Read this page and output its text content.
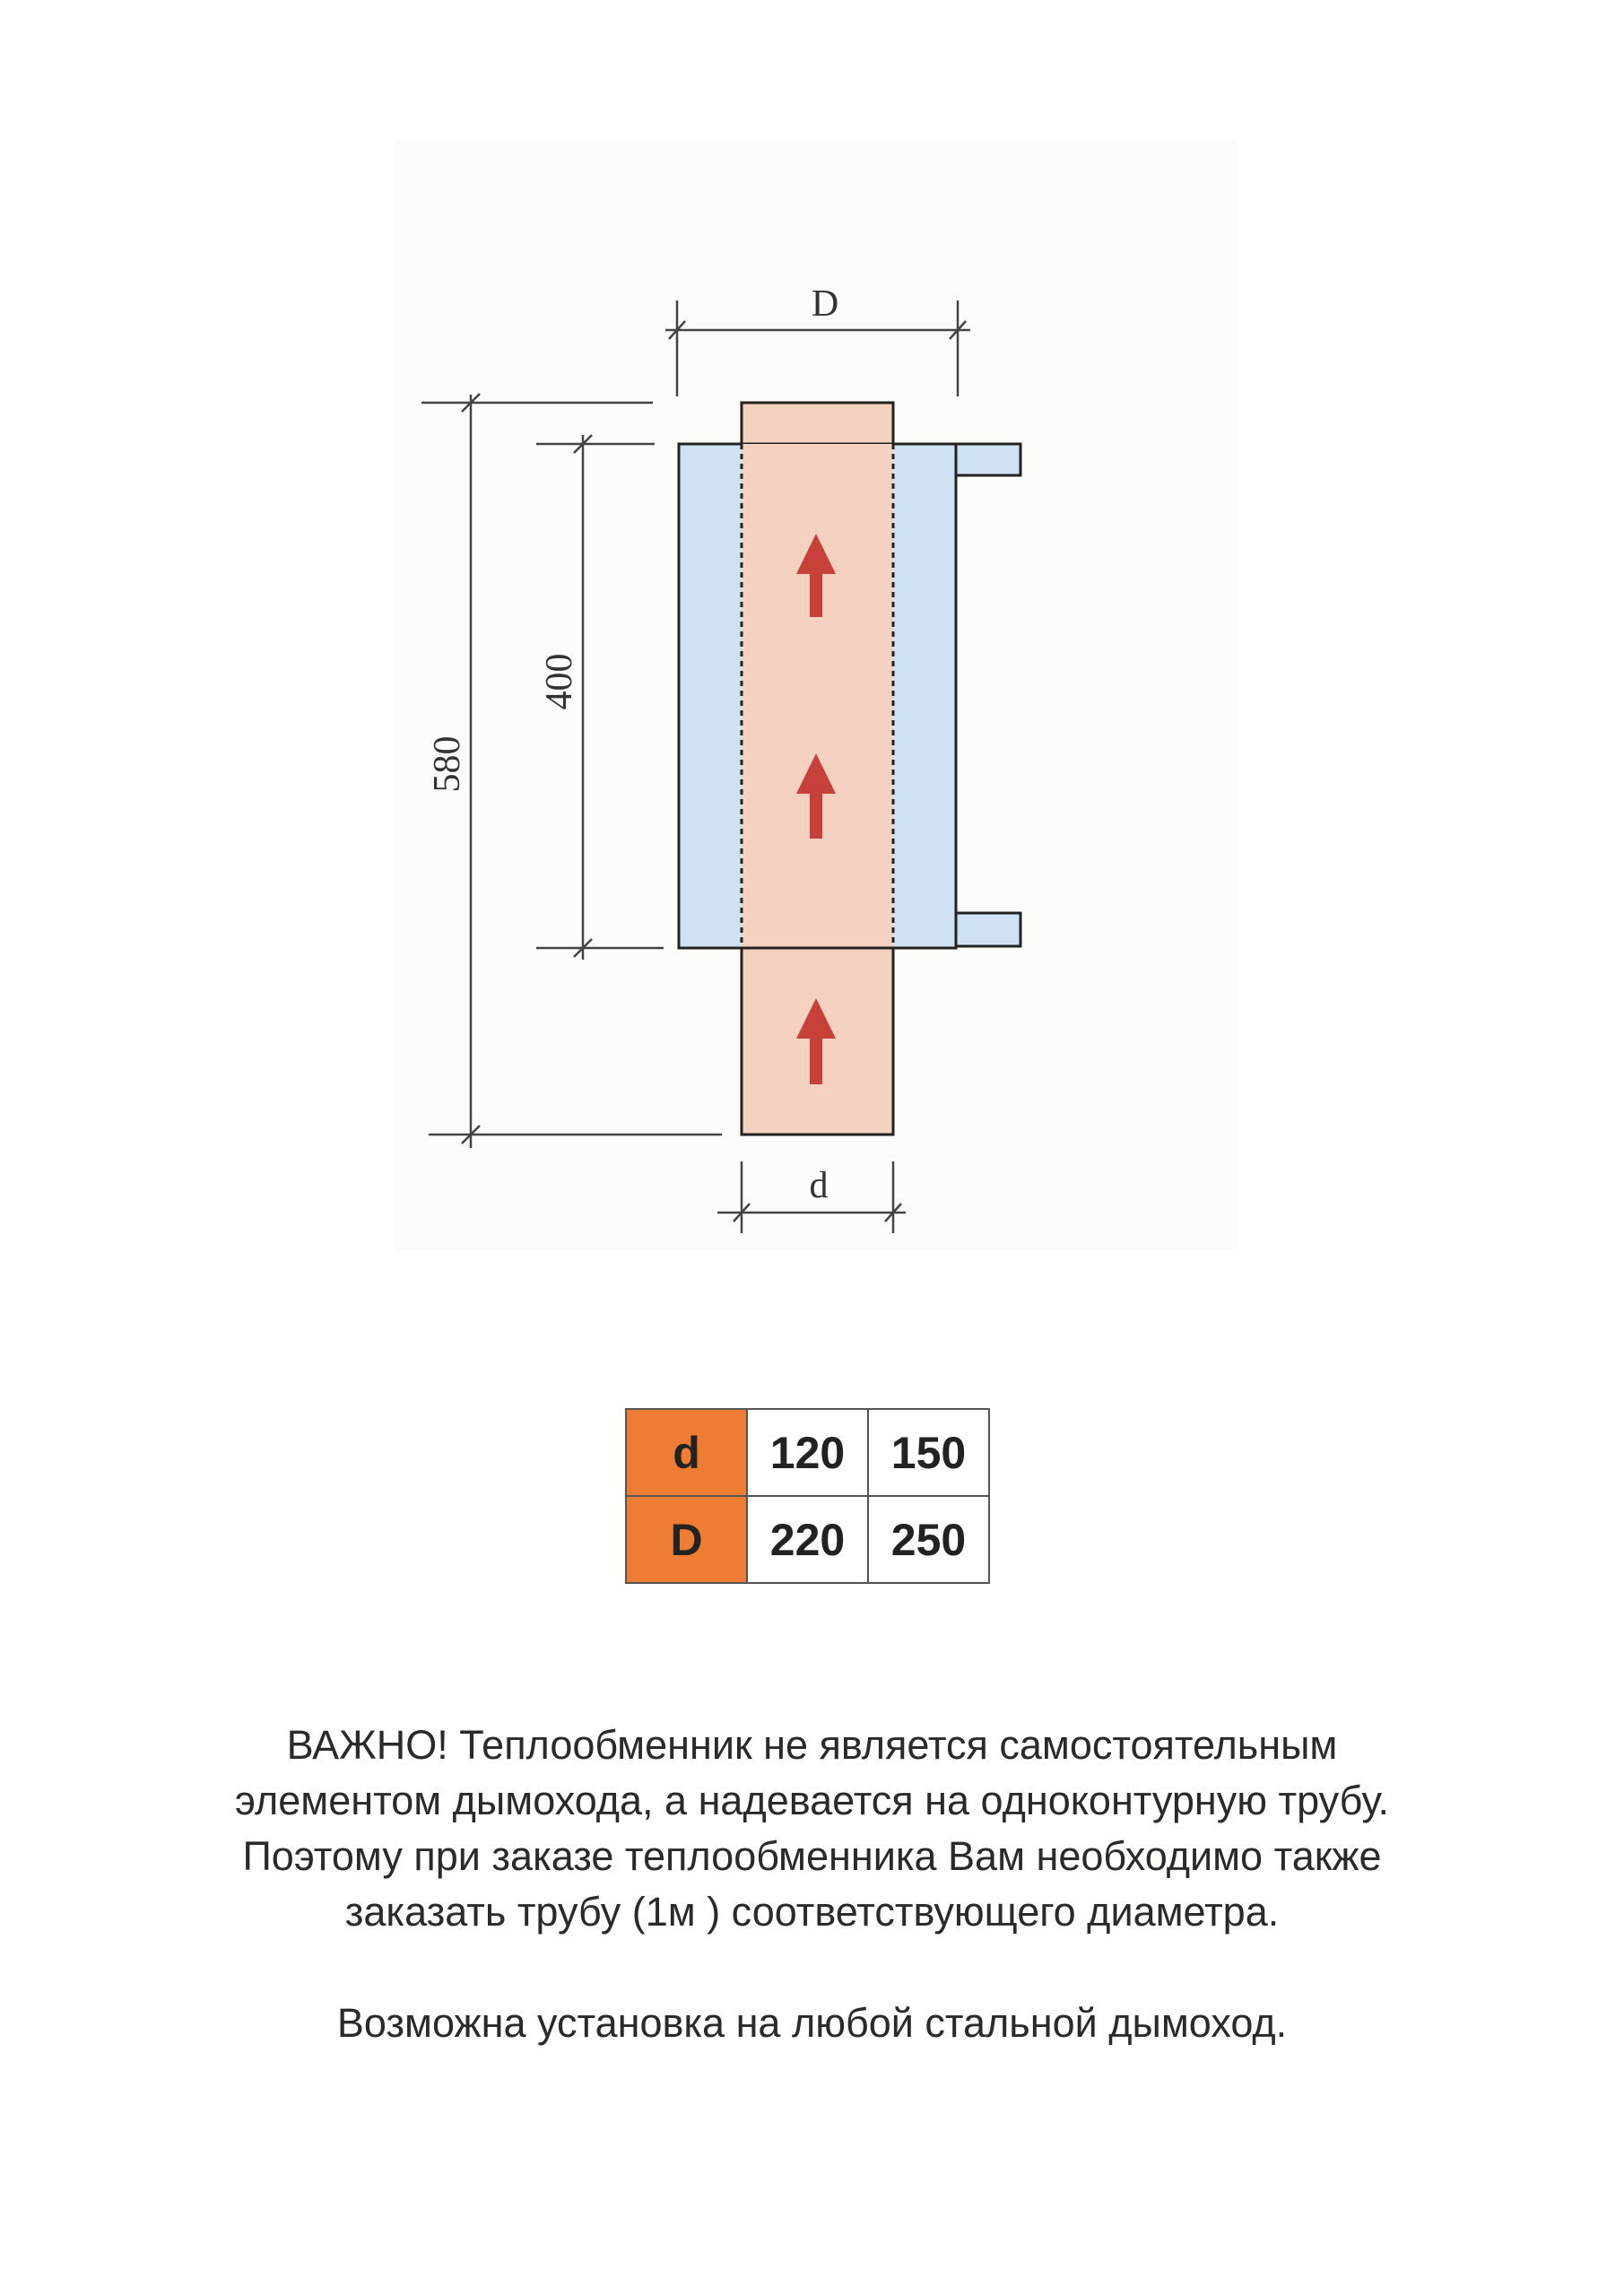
D
d
580
400
d	120	150
D	220	250

ВАЖНО! Теплообменник не является самостоятельным

элементом дымохода, а надевается на одноконтурную трубу.

Поэтому при заказе теплообменника Вам необходимо также

заказать трубу (1м ) соответствующего диаметра.

Возможна установка на любой стальной дымоход.
